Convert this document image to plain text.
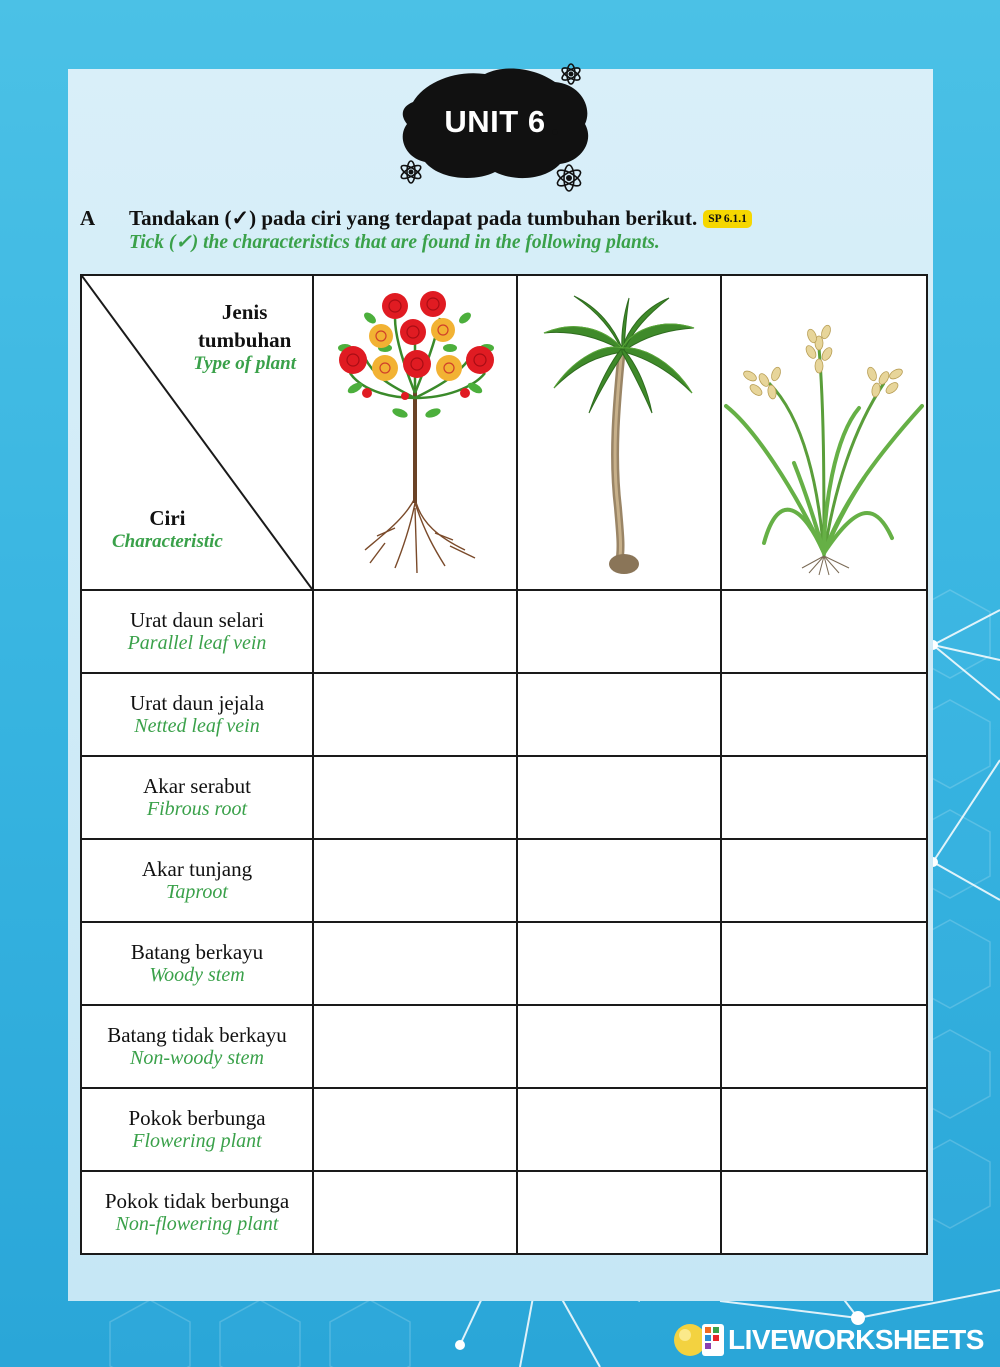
UNIT 6
A Tandakan (✓) pada ciri yang terdapat pada tumbuhan berikut. SP 6.1.1
Tick (✓) the characteristics that are found in the following plants.
Jenis
tumbuhan
Type of plant
Ciri
Characteristic

Urat daun selari
Parallel leaf vein			

Urat daun jejala
Netted leaf vein			

Akar serabut
Fibrous root			

Akar tunjang
Taproot			

Batang berkayu
Woody stem			

Batang tidak berkayu
Non-woody stem			

Pokok berbunga
Flowering plant			

Pokok tidak berbunga
Non-flowering plant			

LIVEWORKSHEETS
